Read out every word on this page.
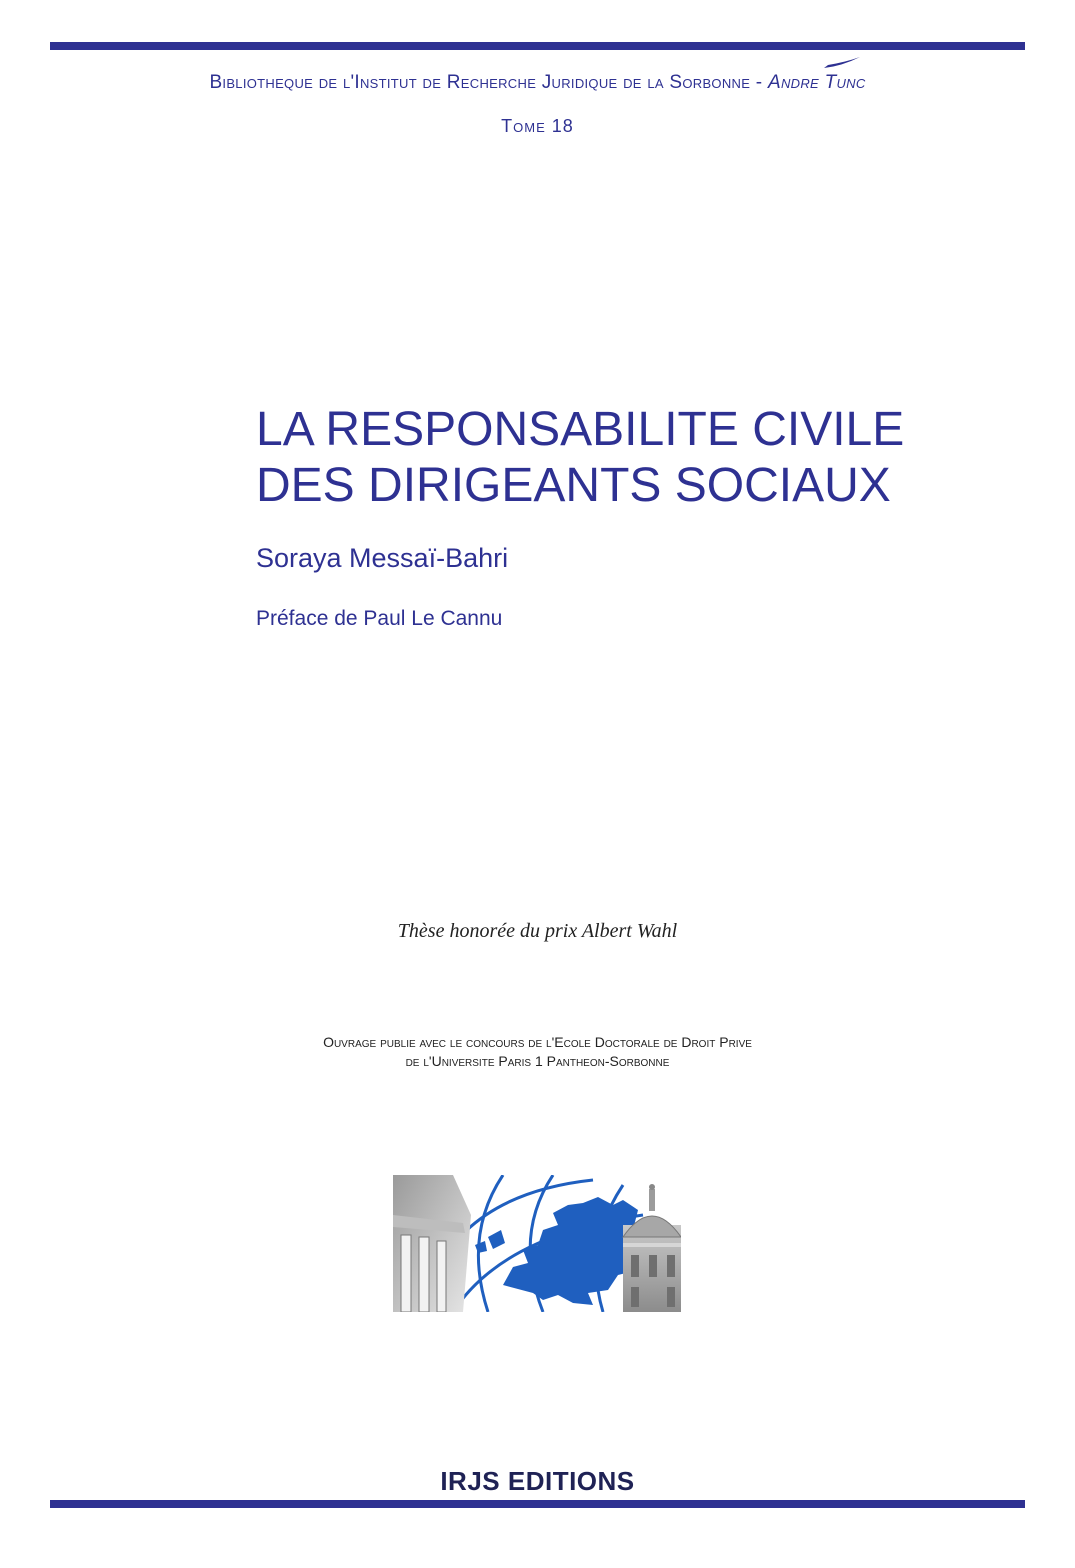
Bibliotheque de l'Institut de Recherche Juridique de la Sorbonne - Andre Tunc
Tome 18
LA RESPONSABILITE CIVILE
DES DIRIGEANTS SOCIAUX
Soraya Messaï-Bahri
Préface de Paul Le Cannu
Thèse honorée du prix Albert Wahl
Ouvrage publie avec le concours de l'Ecole Doctorale de Droit Prive
de l'Universite Paris 1 Pantheon-Sorbonne
IRJS EDITIONS
